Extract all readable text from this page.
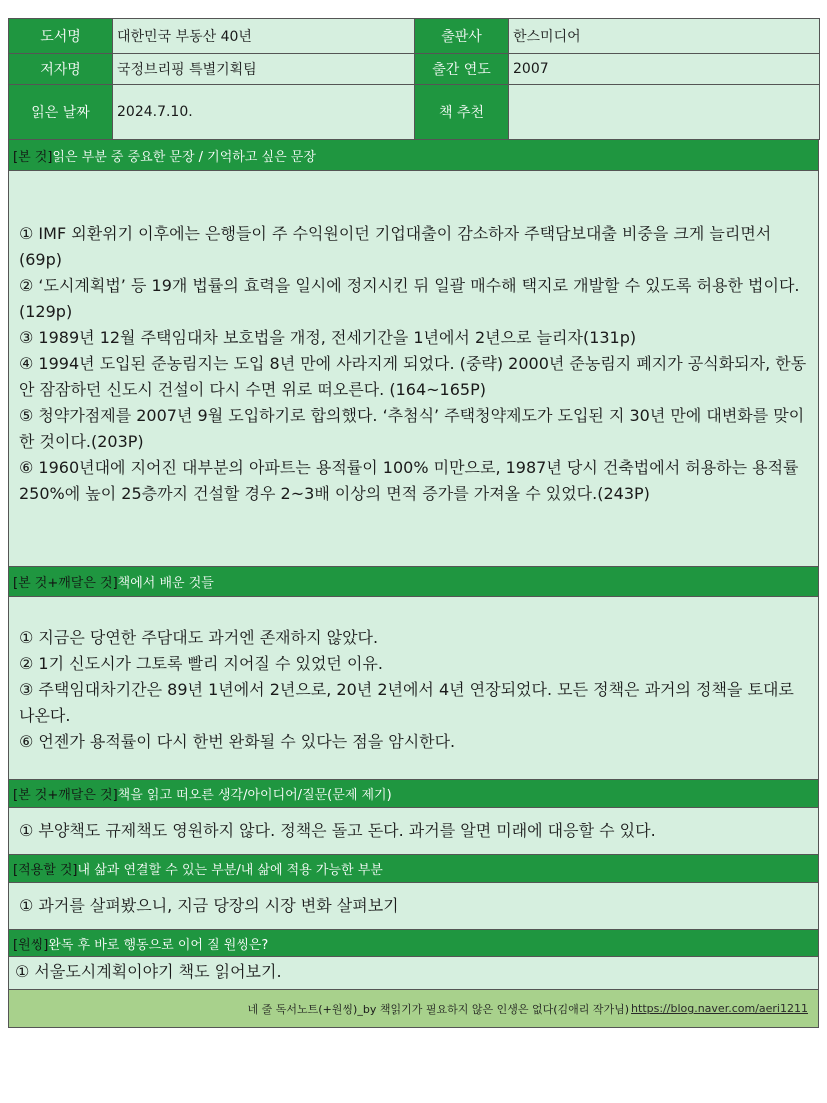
도서명	대한민국 부동산 40년	출판사	한스미디어
저자명	국정브리핑 특별기획팀	출간 연도	2007
읽은 날짜	2024.7.10.	책 추천	
[본 것] 읽은 부분 중 중요한 문장 / 기억하고 싶은 문장

① IMF 외환위기 이후에는 은행들이 주 수익원이던 기업대출이 감소하자 주택담보대출 비중을 크게 늘리면서 (69p)

② ‘도시계획법’ 등 19개 법률의 효력을 일시에 정지시킨 뒤 일괄 매수해 택지로 개발할 수 있도록 허용한 법이다. (129p)

③ 1989년 12월 주택임대차 보호법을 개정, 전세기간을 1년에서 2년으로 늘리자(131p)

④ 1994년 도입된 준농림지는 도입 8년 만에 사라지게 되었다. (중략) 2000년 준농림지 폐지가 공식화되자, 한동안 잠잠하던 신도시 건설이 다시 수면 위로 떠오른다. (164~165P)

⑤ 청약가점제를 2007년 9월 도입하기로 합의했다. ‘추첨식’ 주택청약제도가 도입된 지 30년 만에 대변화를 맞이한 것이다.(203P)

⑥ 1960년대에 지어진 대부분의 아파트는 용적률이 100% 미만으로, 1987년 당시 건축법에서 허용하는 용적률 250%에 높이 25층까지 건설할 경우 2~3배 이상의 면적 증가를 가져올 수 있었다.(243P)

[본 것+깨달은 것] 책에서 배운 것들

① 지금은 당연한 주담대도 과거엔 존재하지 않았다.

② 1기 신도시가 그토록 빨리 지어질 수 있었던 이유.

③ 주택임대차기간은 89년 1년에서 2년으로, 20년 2년에서 4년 연장되었다. 모든 정책은 과거의 정책을 토대로 나온다.

⑥ 언젠가 용적률이 다시 한번 완화될 수 있다는 점을 암시한다.

[본 것+깨달은 것] 책을 읽고 떠오른 생각/아이디어/질문(문제 제기)

① 부양책도 규제책도 영원하지 않다. 정책은 돌고 돈다. 과거를 알면 미래에 대응할 수 있다.

[적용할 것] 내 삶과 연결할 수 있는 부분/내 삶에 적용 가능한 부분

① 과거를 살펴봤으니, 지금 당장의 시장 변화 살펴보기

[원씽] 완독 후 바로 행동으로 이어 질 원씽은?

① 서울도시계획이야기 책도 읽어보기.

네 줄 독서노트(+원씽)_by 책읽기가 필요하지 않은 인생은 없다(김애리 작가님) https://blog.naver.com/aeri1211
